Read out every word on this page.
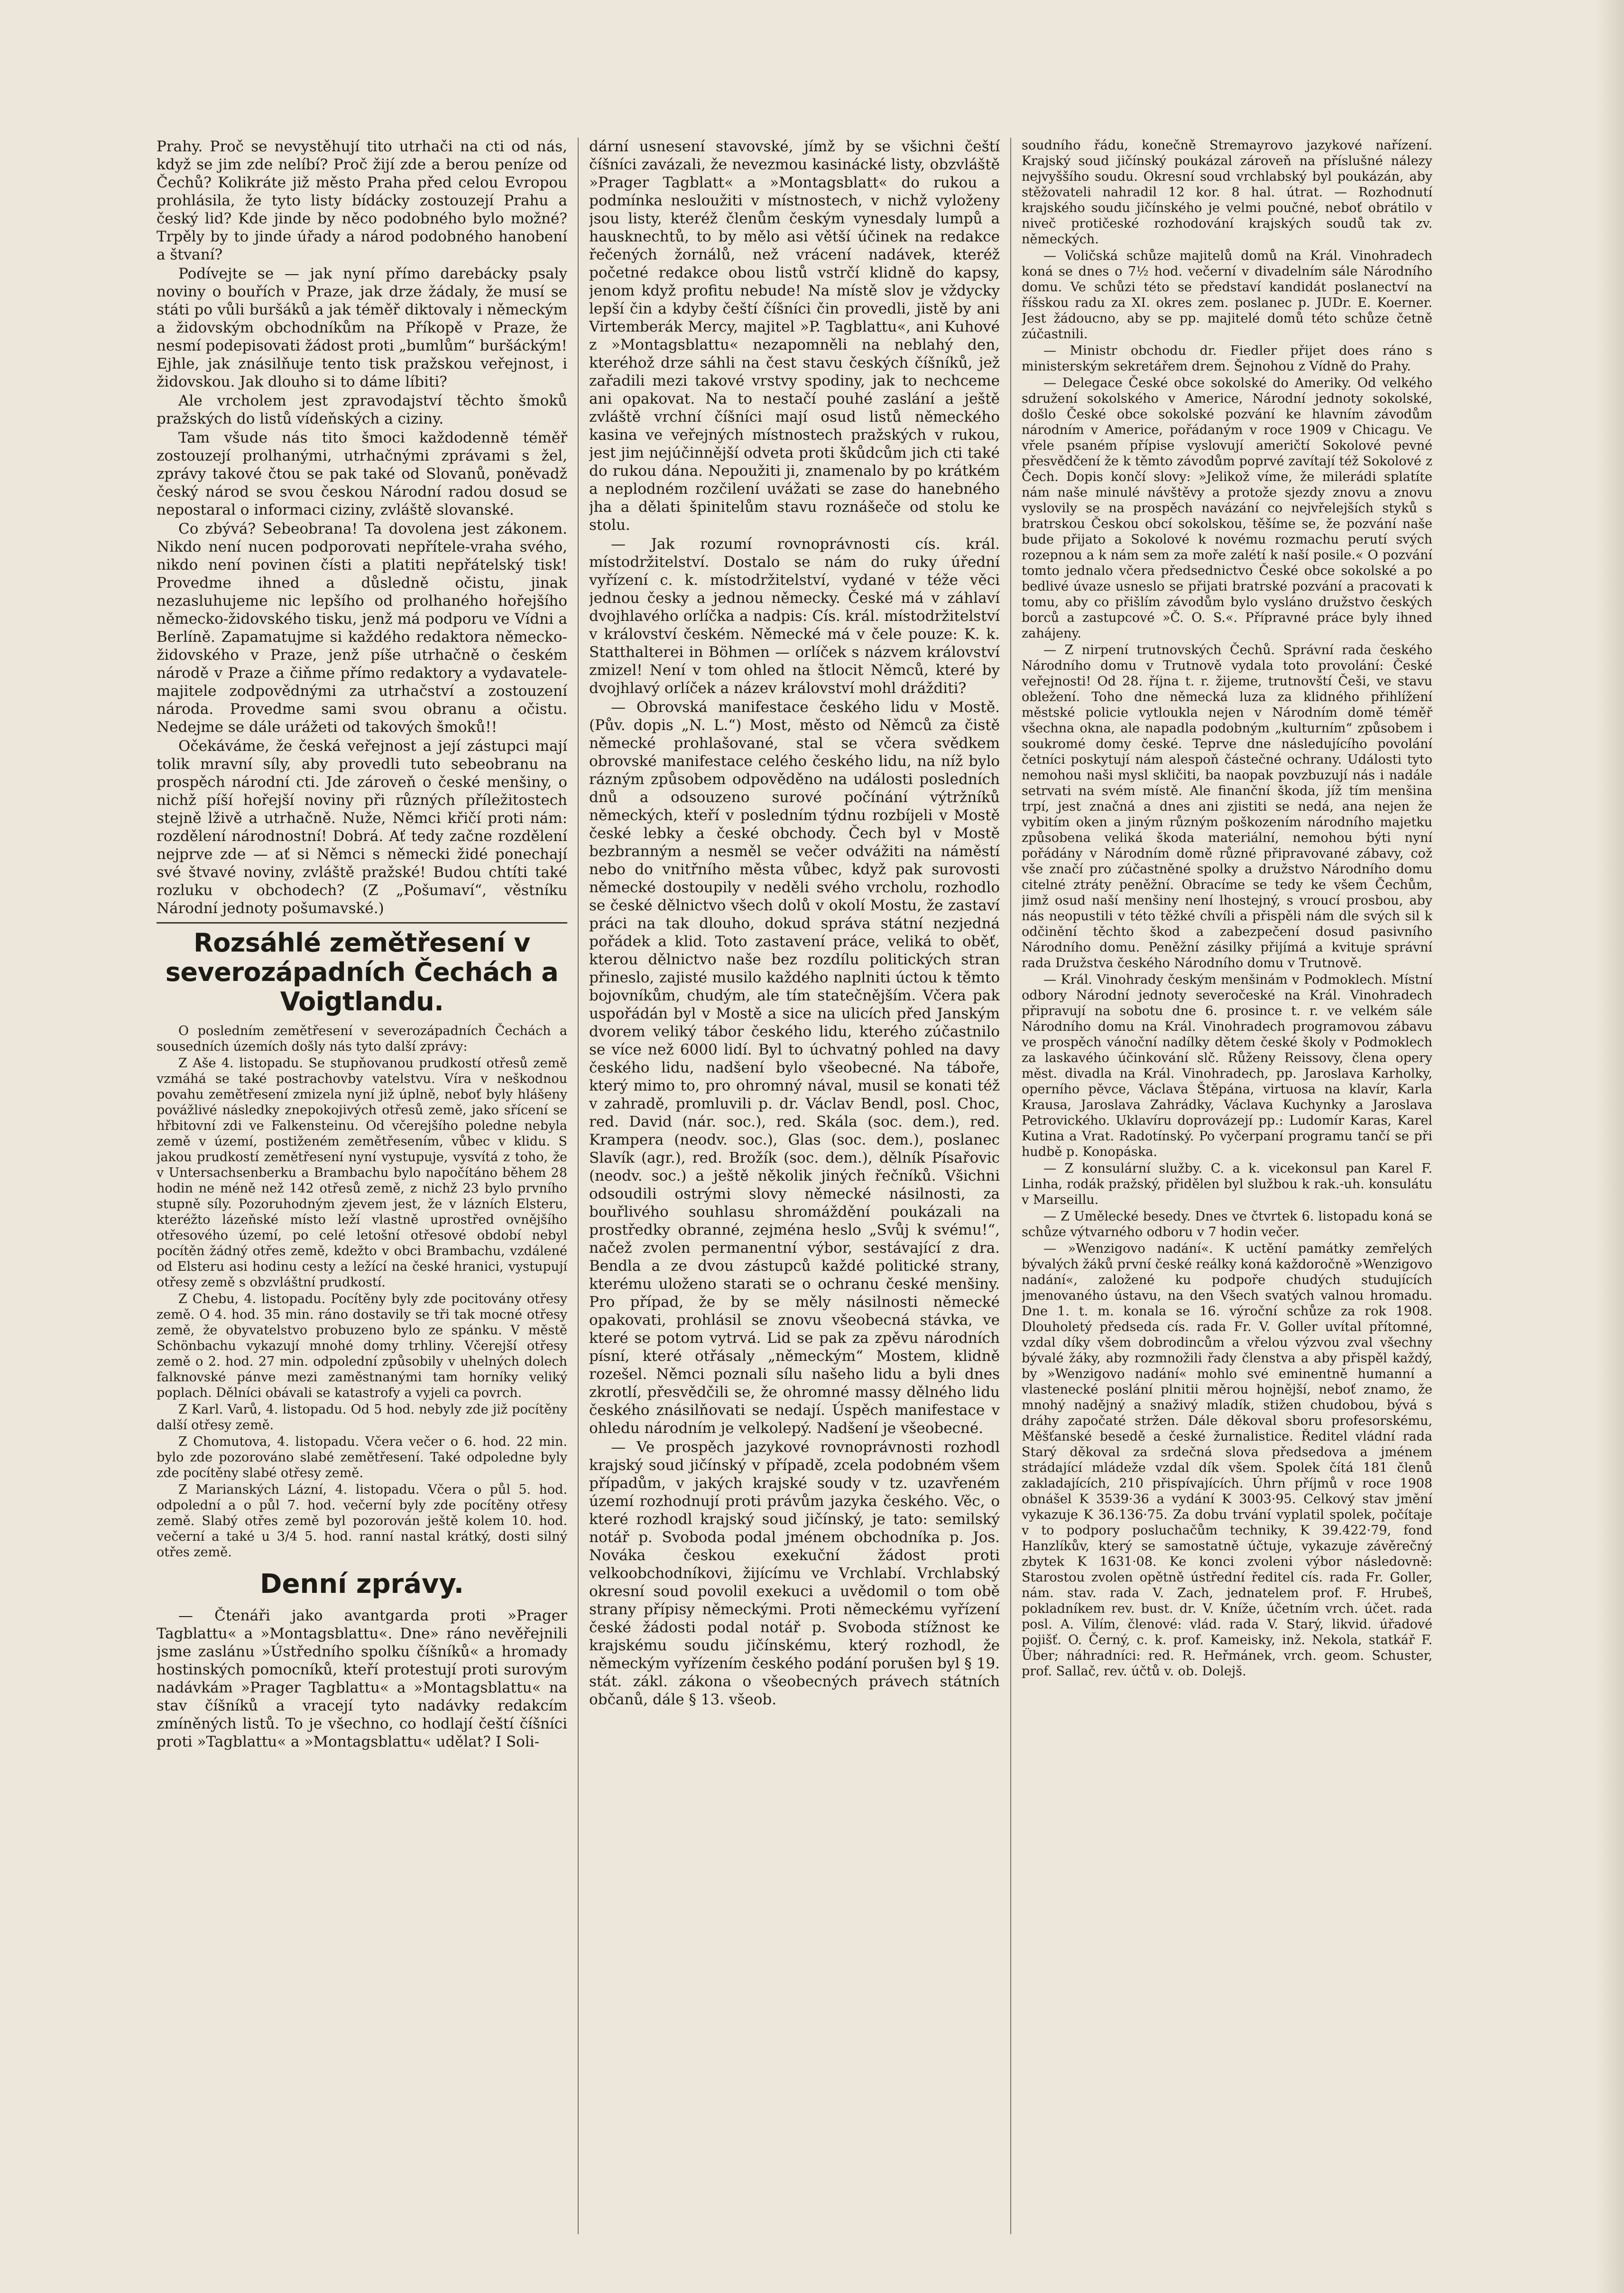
Prahy. Proč se nevystěhují tito utrhači na cti od nás, když se jim zde nelíbí? Proč žijí zde a berou peníze od Čechů? Kolikráte již město Praha před celou Evropou prohlásila, že tyto listy bídácky zostouzejí Prahu a český lid? Kde jinde by něco podobného bylo možné? Trpěly by to jinde úřady a národ podobného hanobení a štvaní?

Podívejte se — jak nyní přímo darebácky psaly noviny o bouřích v Praze, jak drze žádaly, že musí se státi po vůli buršáků a jak téměř diktovaly i německým a židovským obchodníkům na Příkopě v Praze, že nesmí podepisovati žádost proti „bumlům“ buršáckým! Ejhle, jak znásilňuje tento tisk pražskou veřejnost, i židovskou. Jak dlouho si to dáme líbiti?

Ale vrcholem jest zpravodajství těchto šmoků pražských do listů vídeňských a ciziny.

Tam všude nás tito šmoci každodenně téměř zostouzejí prolhanými, utrhačnými zprávami s žel, zprávy takové čtou se pak také od Slovanů, poněvadž český národ se svou českou Národní radou dosud se nepostaral o informaci ciziny, zvláště slovanské.

Co zbývá? Sebeobrana! Ta dovolena jest zákonem. Nikdo není nucen podporovati nepřítele-vraha svého, nikdo není povinen čísti a platiti nepřátelský tisk! Provedme ihned a důsledně očistu, jinak nezasluhujeme nic lepšího od prolhaného hořejšího německo-židovského tisku, jenž má podporu ve Vídni a Berlíně. Zapamatujme si každého redaktora německo-židovského v Praze, jenž píše utrhačně o českém národě v Praze a čiňme přímo redaktory a vydavatele-majitele zodpovědnými za utrhačství a zostouzení národa. Provedme sami svou obranu a očistu. Nedejme se dále urážeti od takových šmoků!!

Očekáváme, že česká veřejnost a její zástupci mají tolik mravní síly, aby provedli tuto sebeobranu na prospěch národní cti. Jde zároveň o české menšiny, o nichž píší hořejší noviny při různých příležitostech stejně lživě a utrhačně. Nuže, Němci křičí proti nám: rozdělení národnostní! Dobrá. Ať tedy začne rozdělení nejprve zde — ať si Němci s německi židé ponechají své štvavé noviny, zvláště pražské! Budou chtíti také rozluku v obchodech? (Z „Pošumaví“, věstníku Národní jednoty pošumavské.)

Rozsáhlé zemětřesení v severozápadních Čechách a Voigtlandu.

O posledním zemětřesení v severozápadních Čechách a sousedních územích došly nás tyto další zprávy:

Z Aše 4. listopadu. Se stupňovanou prudkostí otřesů země vzmáhá se také postrachovby vatelstvu. Víra v neškodnou povahu zemětřesení zmizela nyní již úplně, neboť byly hlášeny povážlivé následky znepokojivých otřesů země, jako sřícení se hřbitovní zdi ve Falkensteinu. Od včerejšího poledne nebyla země v území, postiženém zemětřesením, vůbec v klidu. S jakou prudkostí zemětřesení nyní vystupuje, vysvítá z toho, že v Untersachsenberku a Brambachu bylo napočítáno během 28 hodin ne méně než 142 otřesů země, z nichž 23 bylo prvního stupně síly. Pozoruhodným zjevem jest, že v lázních Elsteru, kteréžto lázeňské místo leží vlastně uprostřed ovnějšího otřesového území, po celé letošní otřesové období nebyl pocítěn žádný otřes země, kdežto v obci Brambachu, vzdálené od Elsteru asi hodinu cesty a ležící na české hranici, vystupují otřesy země s obzvláštní prudkostí.

Z Chebu, 4. listopadu. Pocítěny byly zde pocitovány otřesy země. O 4. hod. 35 min. ráno dostavily se tři tak mocné otřesy země, že obyvatelstvo probuzeno bylo ze spánku. V městě Schönbachu vykazují mnohé domy trhliny. Včerejší otřesy země o 2. hod. 27 min. odpolední způsobily v uhelných dolech falknovské pánve mezi zaměstnanými tam horníky veliký poplach. Dělníci obávali se katastrofy a vyjeli ca povrch.

Z Karl. Varů, 4. listopadu. Od 5 hod. nebyly zde již pocítěny další otřesy země.

Z Chomutova, 4. listopadu. Včera večer o 6. hod. 22 min. bylo zde pozorováno slabé zemětřesení. Také odpoledne byly zde pocítěny slabé otřesy země.

Z Marianských Lázní, 4. listopadu. Včera o půl 5. hod. odpolední a o půl 7. hod. večerní byly zde pocítěny otřesy země. Slabý otřes země byl pozorován ještě kolem 10. hod. večerní a také u 3/4 5. hod. ranní nastal krátký, dosti silný otřes země.

Denní zprávy.

— Čtenáři jako avantgarda proti »Prager Tagblattu« a »Montagsblattu«. Dne» ráno nevěřejnili jsme zaslánu »Ústředního spolku číšníků« a hromady hostinských pomocníků, kteří protestují proti surovým nadávkám »Prager Tagblattu« a »Montagsblattu« na stav číšníků a vracejí tyto nadávky redakcím zmíněných listů. To je všechno, co hodlají čeští číšníci proti »Tagblattu« a »Montagsblattu« udělat? I Soli-

dární usnesení stavovské, jímž by se všichni čeští číšníci zavázali, že nevezmou kasinácké listy, obzvláště »Prager Tagblatt« a »Montagsblatt« do rukou a podmínka nesloužiti v místnostech, v nichž vyloženy jsou listy, kteréž členům českým vynesdaly lumpů a hausknechtů, to by mělo asi větší účinek na redakce řečených žornálů, než vrácení nadávek, kteréž početné redakce obou listů vstrčí klidně do kapsy, jenom když profitu nebude! Na místě slov je vždycky lepší čin a kdyby čeští číšníci čin provedli, jistě by ani Virtemberák Mercy, majitel »P. Tagblattu«, ani Kuhové z »Montagsblattu« nezapomněli na neblahý den, kteréhož drze sáhli na čest stavu českých číšníků, jež zařadili mezi takové vrstvy spodiny, jak to nechceme ani opakovat. Na to nestačí pouhé zaslání a ještě zvláště vrchní číšníci mají osud listů německého kasina ve veřejných místnostech pražských v rukou, jest jim nejúčinnější odveta proti škůdcům jich cti také do rukou dána. Nepoužiti ji, znamenalo by po krátkém a neplodném rozčilení uvážati se zase do hanebného jha a dělati špinitelům stavu roznášeče od stolu ke stolu.

— Jak rozumí rovnoprávnosti cís. král. místodržitelství. Dostalo se nám do ruky úřední vyřízení c. k. místodržitelství, vydané v téže věci jednou česky a jednou německy. České má v záhlaví dvojhlavého orlíčka a nadpis: Cís. král. místodržitelství v království českém. Německé má v čele pouze: K. k. Statthalterei in Böhmen — orlíček s názvem království zmizel! Není v tom ohled na štlocit Němců, které by dvojhlavý orlíček a název království mohl drážditi?

— Obrovská manifestace českého lidu v Mostě. (Pův. dopis „N. L.“) Most, město od Němců za čistě německé prohlašované, stal se včera svědkem obrovské manifestace celého českého lidu, na níž bylo rázným způsobem odpověděno na události posledních dnů a odsouzeno surové počínání výtržníků německých, kteří v posledním týdnu rozbíjeli v Mostě české lebky a české obchody. Čech byl v Mostě bezbranným a nesměl se večer odvážiti na náměstí nebo do vnitřního města vůbec, když pak surovosti německé dostoupily v neděli svého vrcholu, rozhodlo se české dělnictvo všech dolů v okolí Mostu, že zastaví práci na tak dlouho, dokud správa státní nezjedná pořádek a klid. Toto zastavení práce, veliká to oběť, kterou dělnictvo naše bez rozdílu politických stran přineslo, zajisté musilo každého naplniti úctou k těmto bojovníkům, chudým, ale tím statečnějším. Včera pak uspořádán byl v Mostě a sice na ulicích před Janským dvorem veliký tábor českého lidu, kterého zúčastnilo se více než 6000 lidí. Byl to úchvatný pohled na davy českého lidu, nadšení bylo všeobecné. Na táboře, který mimo to, pro ohromný nával, musil se konati též v zahradě, promluvili p. dr. Václav Bendl, posl. Choc, red. David (nár. soc.), red. Skála (soc. dem.), red. Krampera (neodv. soc.), Glas (soc. dem.), poslanec Slavík (agr.), red. Brožík (soc. dem.), dělník Písařovic (neodv. soc.) a ještě několik jiných řečníků. Všichni odsoudili ostrými slovy německé násilnosti, za bouřlivého souhlasu shromáždění poukázali na prostředky obranné, zejména heslo „Svůj k svému!“, načež zvolen permanentní výbor, sestávající z dra. Bendla a ze dvou zástupců každé politické strany, kterému uloženo starati se o ochranu české menšiny. Pro případ, že by se měly násilnosti německé opakovati, prohlásil se znovu všeobecná stávka, ve které se potom vytrvá. Lid se pak za zpěvu národních písní, které otřásaly „německým“ Mostem, klidně rozešel. Němci poznali sílu našeho lidu a byli dnes zkrotlí, přesvědčili se, že ohromné massy dělného lidu českého znásilňovati se nedají. Úspěch manifestace v ohledu národním je velkolepý. Nadšení je všeobecné.

— Ve prospěch jazykové rovnoprávnosti rozhodl krajský soud jičínský v případě, zcela podobném všem případům, v jakých krajské soudy v tz. uzavřeném území rozhodnují proti právům jazyka českého. Věc, o které rozhodl krajský soud jičínský, je tato: semilský notář p. Svoboda podal jménem obchodníka p. Jos. Nováka českou exekuční žádost proti velkoobchodníkovi, žijícímu ve Vrchlabí. Vrchlabský okresní soud povolil exekuci a uvědomil o tom obě strany přípisy německými. Proti německému vyřízení české žádosti podal notář p. Svoboda stížnost ke krajskému soudu jičínskému, který rozhodl, že německým vyřízením českého podání porušen byl § 19. stát. zákl. zákona o všeobecných právech státních občanů, dále § 13. všeob.

soudního řádu, konečně Stremayrovo jazykové nařízení. Krajský soud jičínský poukázal zároveň na příslušné nálezy nejvyššího soudu. Okresní soud vrchlabský byl poukázán, aby stěžovateli nahradil 12 kor. 8 hal. útrat. — Rozhodnutí krajského soudu jičínského je velmi poučné, neboť obrátilo v niveč protičeské rozhodování krajských soudů tak zv. německých.

— Voličská schůze majitelů domů na Král. Vinohradech koná se dnes o 7½ hod. večerní v divadelním sále Národního domu. Ve schůzi této se představí kandidát poslanectví na říšskou radu za XI. okres zem. poslanec p. JUDr. E. Koerner. Jest žádoucno, aby se pp. majitelé domů této schůze četně zúčastnili.

— Ministr obchodu dr. Fiedler přijet does ráno s ministerským sekretářem drem. Šejnohou z Vídně do Prahy.

— Delegace České obce sokolské do Ameriky. Od velkého sdružení sokolského v Americe, Národní jednoty sokolské, došlo České obce sokolské pozvání ke hlavním závodům národním v Americe, pořádaným v roce 1909 v Chicagu. Ve vřele psaném přípise vyslovují američtí Sokolové pevné přesvědčení že k těmto závodům poprvé zavítají též Sokolové z Čech. Dopis končí slovy: »Jelikož víme, že milerádi splatíte nám naše minulé návštěvy a protože sjezdy znovu a znovu vyslovily se na prospěch navázání co nejvřelejších styků s bratrskou Českou obcí sokolskou, těšíme se, že pozvání naše bude přijato a Sokolové k novému rozmachu perutí svých rozepnou a k nám sem za moře zalétí k naší posile.« O pozvání tomto jednalo včera předsednictvo České obce sokolské a po bedlivé úvaze usneslo se přijati bratrské pozvání a pracovati k tomu, aby co přišlím závodům bylo vysláno družstvo českých borců a zastupcové »Č. O. S.«. Přípravné práce byly ihned zahájeny.

— Z nirpení trutnovských Čechů. Správní rada českého Národního domu v Trutnově vydala toto provolání: České veřejnosti! Od 28. října t. r. žijeme, trutnovští Češi, ve stavu obležení. Toho dne německá luza za klidného přihlížení městské policie vytloukla nejen v Národním domě téměř všechna okna, ale napadla podobným „kulturním“ způsobem i soukromé domy české. Teprve dne následujícího povolání četníci poskytují nám alespoň částečné ochrany. Události tyto nemohou naši mysl skličiti, ba naopak povzbuzují nás i nadále setrvati na svém místě. Ale finanční škoda, jíž tím menšina trpí, jest značná a dnes ani zjistiti se nedá, ana nejen že vybitím oken a jiným různým poškozením národního majetku způsobena veliká škoda materiální, nemohou býti nyní pořádány v Národním domě různé připravované zábavy, což vše značí pro zúčastněné spolky a družstvo Národního domu citelné ztráty peněžní. Obracíme se tedy ke všem Čechům, jimž osud naší menšiny není lhostejný, s vroucí prosbou, aby nás neopustili v této těžké chvíli a přispěli nám dle svých sil k odčinění těchto škod a zabezpečení dosud pasivního Národního domu. Peněžní zásilky přijímá a kvituje správní rada Družstva českého Národního domu v Trutnově.

— Král. Vinohrady českým menšinám v Podmoklech. Místní odbory Národní jednoty severočeské na Král. Vinohradech připravují na sobotu dne 6. prosince t. r. ve velkém sále Národního domu na Král. Vinohradech programovou zábavu ve prospěch vánoční nadílky dětem české školy v Podmoklech za laskavého účinkování slč. Růženy Reissovy, člena opery měst. divadla na Král. Vinohradech, pp. Jaroslava Karholky, operního pěvce, Václava Štěpána, virtuosa na klavír, Karla Krausa, Jaroslava Zahrádky, Václava Kuchynky a Jaroslava Petrovického. Uklavíru doprovázejí pp.: Ludomír Karas, Karel Kutina a Vrat. Radotínský. Po vyčerpaní programu tančí se při hudbě p. Konopáska.

— Z konsulární služby. C. a k. vicekonsul pan Karel F. Linha, rodák pražský, přidělen byl službou k rak.-uh. konsulátu v Marseillu.

— Z Umělecké besedy. Dnes ve čtvrtek 6. listopadu koná se schůze výtvarného odboru v 7 hodin večer.

— »Wenzigovo nadání«. K uctění památky zemřelých bývalých žáků první české reálky koná každoročně »Wenzigovo nadání«, založené ku podpoře chudých studujících jmenovaného ústavu, na den Všech svatých valnou hromadu. Dne 1. t. m. konala se 16. výroční schůze za rok 1908. Dlouholetý předseda cís. rada Fr. V. Goller uvítal přítomné, vzdal díky všem dobrodincům a vřelou výzvou zval všechny bývalé žáky, aby rozmnožili řady členstva a aby přispěl každý, by »Wenzigovo nadání« mohlo své eminentně humanní a vlastenecké poslání plnitii měrou hojnější, neboť znamo, že mnohý nadějný a snaživý mladík, stižen chudobou, bývá s dráhy započaté stržen. Dále děkoval sboru profesorskému, Měšťanské besedě a české žurnalistice. Ředitel vládní rada Starý děkoval za srdečná slova předsedova a jménem strádající mládeže vzdal dík všem. Spolek čítá 181 členů zakladajících, 210 přispívajících. Úhrn příjmů v roce 1908 obnášel K 3539·36 a vydání K 3003·95. Celkový stav jmění vykazuje K 36.136·75. Za dobu trvání vyplatil spolek, počítaje v to podpory posluchačům techniky, K 39.422·79, fond Hanzlíkův, který se samostatně účtuje, vykazuje závěrečný zbytek K 1631·08. Ke konci zvoleni výbor následovně: Starostou zvolen opětně ústřední ředitel cís. rada Fr. Goller, nám. stav. rada V. Zach, jednatelem prof. F. Hrubeš, pokladníkem rev. bust. dr. V. Kníže, účetním vrch. účet. rada posl. A. Vilím, členové: vlád. rada V. Starý, likvid. úřadové pojišť. O. Černý, c. k. prof. Kameisky, inž. Nekola, statkář F. Über; náhradníci: red. R. Heřmánek, vrch. geom. Schuster, prof. Sallač, rev. účtů v. ob. Dolejš.
